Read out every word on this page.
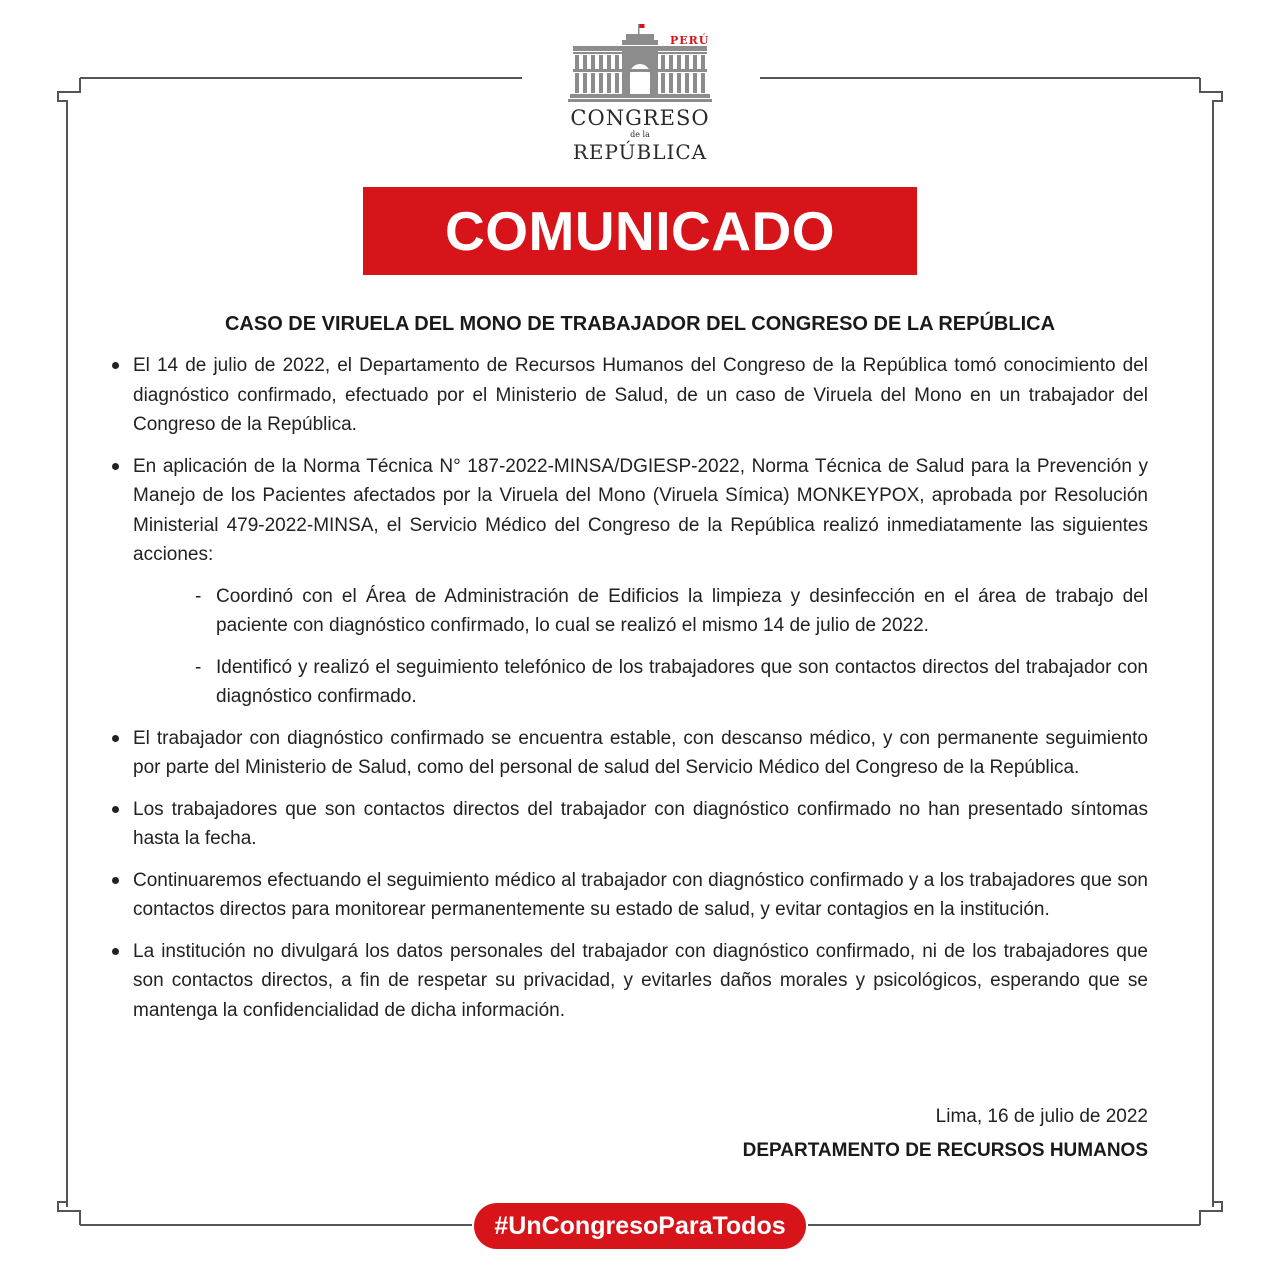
PERÚ
CONGRESO
de la
REPÚBLICA
COMUNICADO
CASO DE VIRUELA DEL MONO DE TRABAJADOR DEL CONGRESO DE LA REPÚBLICA
El 14 de julio de 2022, el Departamento de Recursos Humanos del Congreso de la República tomó conocimiento del diagnóstico confirmado, efectuado por el Ministerio de Salud, de un caso de Viruela del Mono en un trabajador del Congreso de la República.
En aplicación de la Norma Técnica N° 187-2022-MINSA/DGIESP-2022, Norma Técnica de Salud para la Prevención y Manejo de los Pacientes afectados por la Viruela del Mono (Viruela Símica) MONKEYPOX, aprobada por Resolución Ministerial 479-2022-MINSA, el Servicio Médico del Congreso de la República realizó inmediatamente las siguientes acciones:
- Coordinó con el Área de Administración de Edificios la limpieza y desinfección en el área de trabajo del paciente con diagnóstico confirmado, lo cual se realizó el mismo 14 de julio de 2022.
- Identificó y realizó el seguimiento telefónico de los trabajadores que son contactos directos del trabajador con diagnóstico confirmado.
El trabajador con diagnóstico confirmado se encuentra estable, con descanso médico, y con permanente seguimiento por parte del Ministerio de Salud, como del personal de salud del Servicio Médico del Congreso de la República.
Los trabajadores que son contactos directos del trabajador con diagnóstico confirmado no han presentado síntomas hasta la fecha.
Continuaremos efectuando el seguimiento médico al trabajador con diagnóstico confirmado y a los trabajadores que son contactos directos para monitorear permanentemente su estado de salud, y evitar contagios en la institución.
La institución no divulgará los datos personales del trabajador con diagnóstico confirmado, ni de los trabajadores que son contactos directos, a fin de respetar su privacidad, y evitarles daños morales y psicológicos, esperando que se mantenga la confidencialidad de dicha información.
Lima, 16 de julio de 2022
DEPARTAMENTO DE RECURSOS HUMANOS
#UnCongresoParaTodos
